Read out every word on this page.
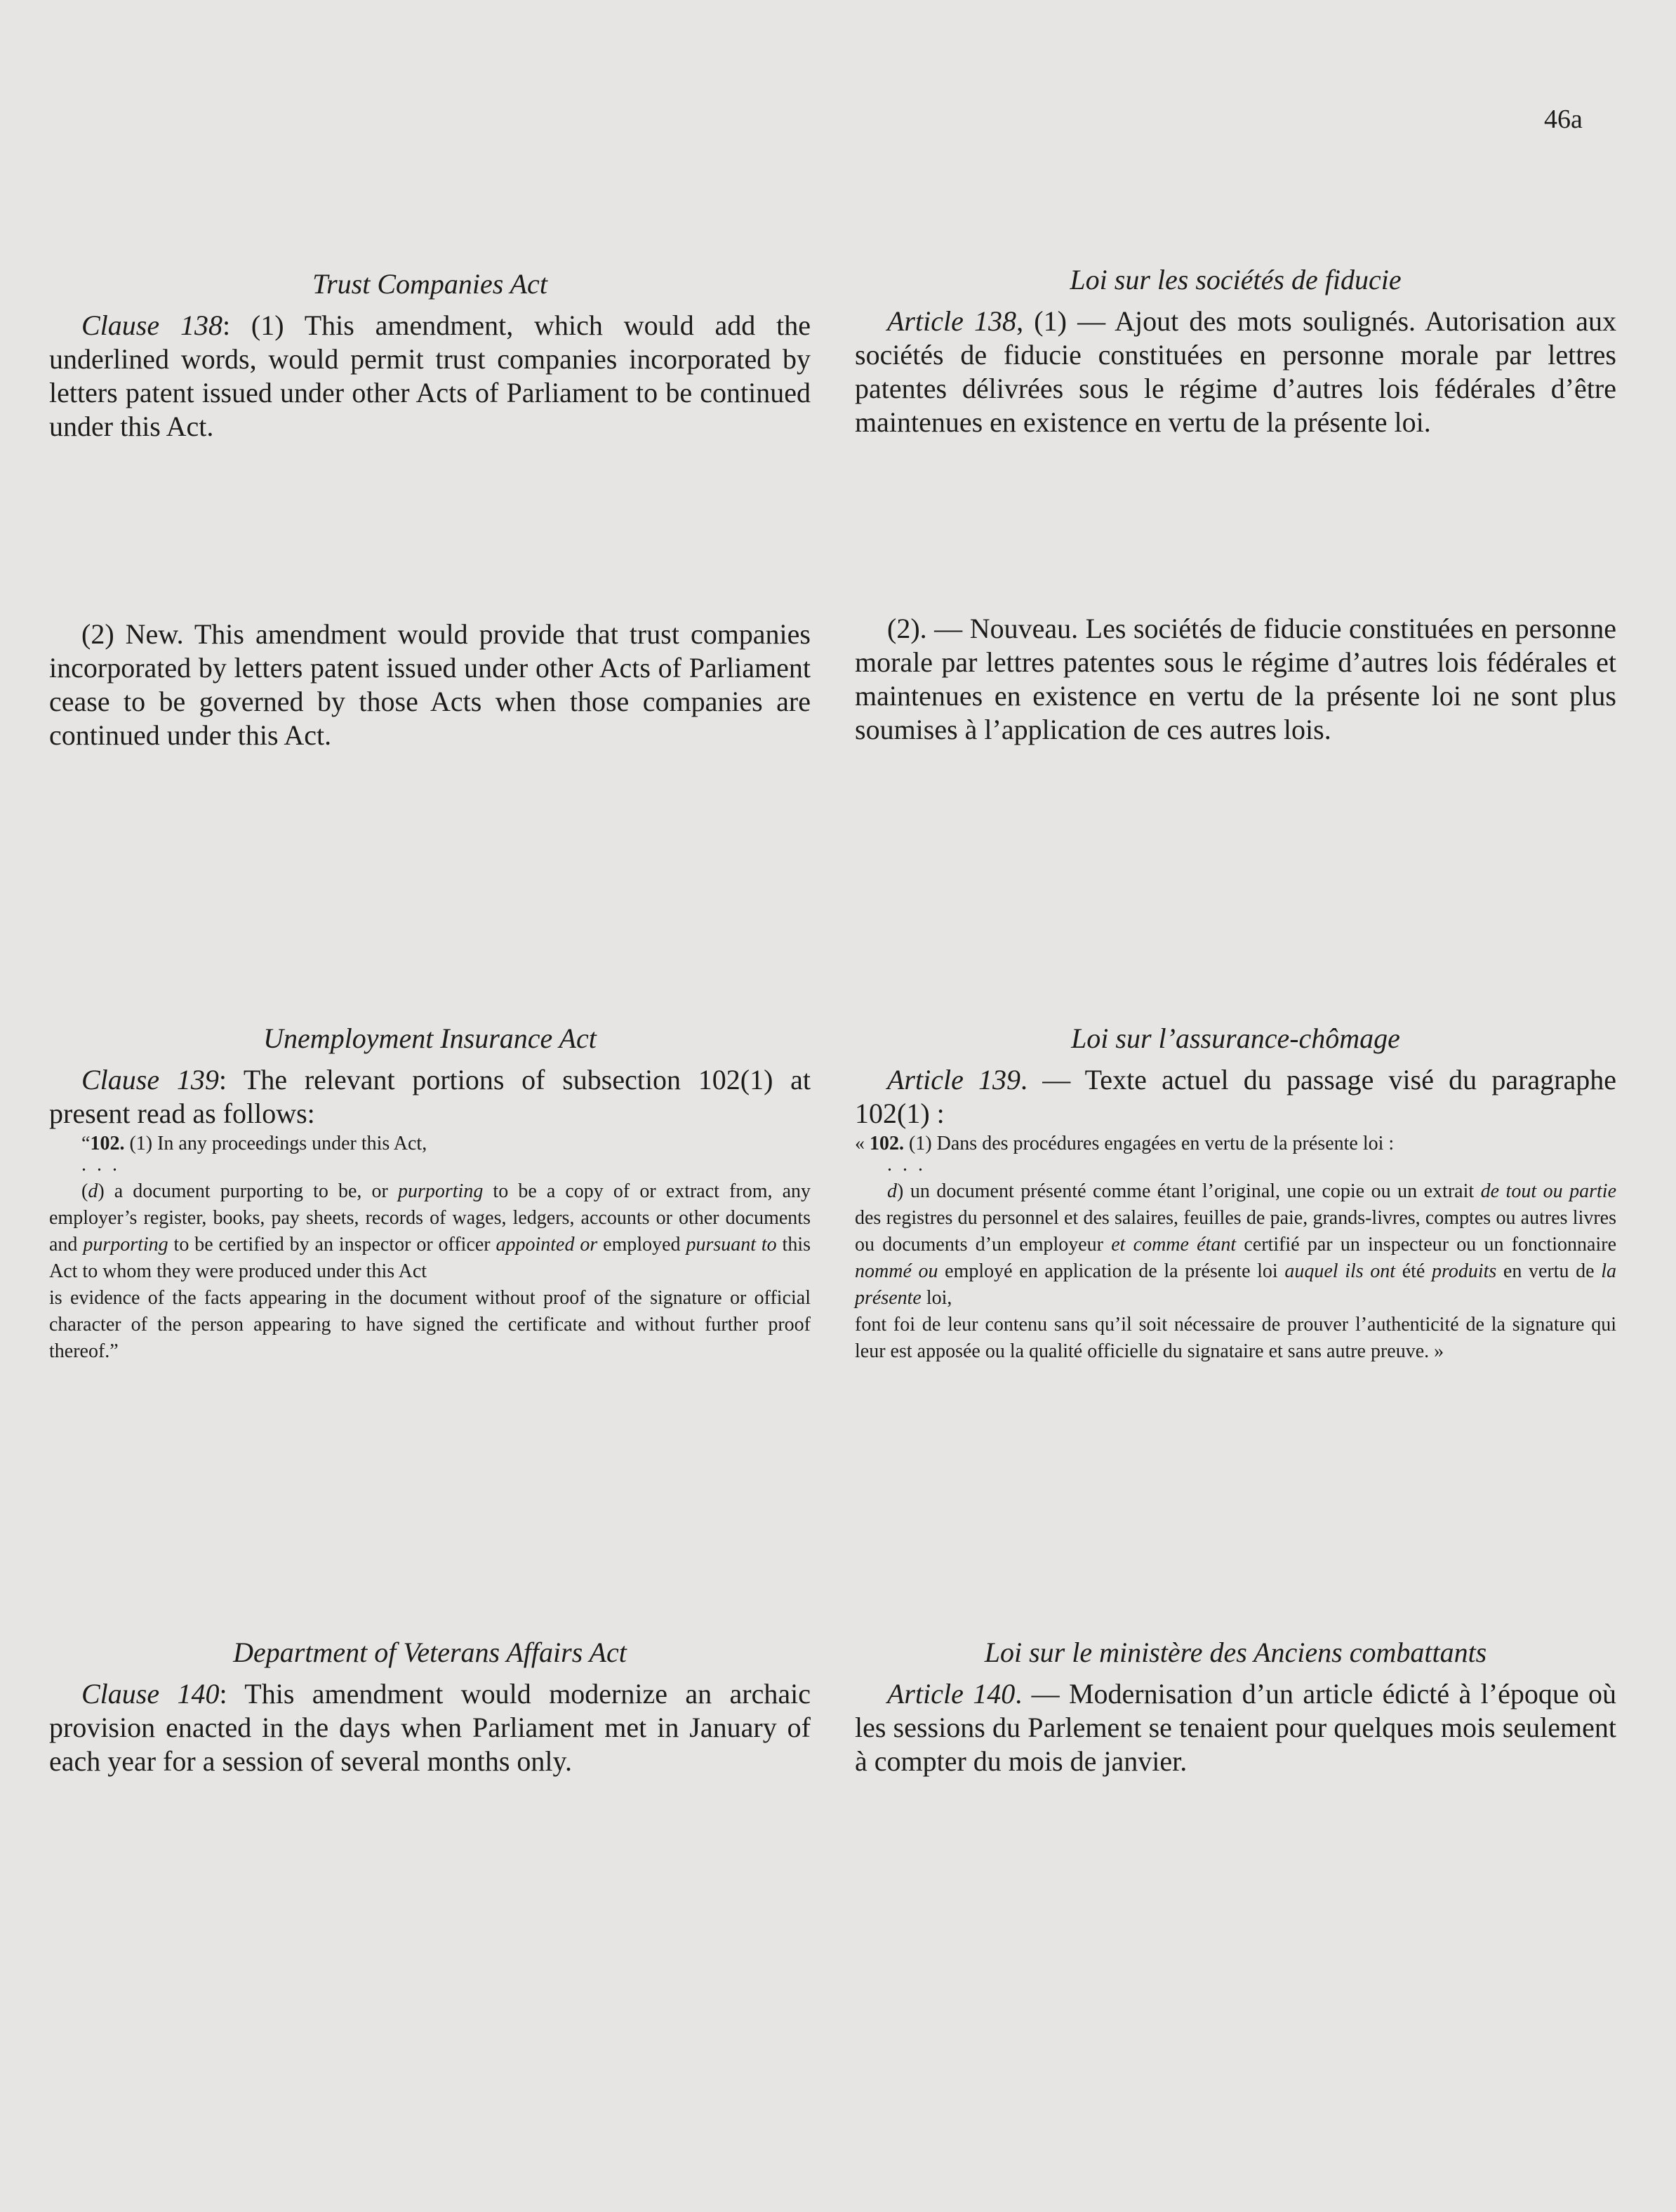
46a
Trust Companies Act

Clause 138: (1) This amendment, which would add the underlined words, would permit trust companies incorporated by letters patent issued under other Acts of Parliament to be continued under this Act.

(2) New. This amendment would provide that trust companies incorporated by letters patent issued under other Acts of Parliament cease to be governed by those Acts when those companies are continued under this Act.

Unemployment Insurance Act

Clause 139: The relevant portions of subsection 102(1) at present read as follows:

“102. (1) In any proceedings under this Act,

. . .

(d) a document purporting to be, or purporting to be a copy of or extract from, any employer’s register, books, pay sheets, records of wages, ledgers, accounts or other documents and purporting to be certified by an inspector or officer appointed or employed pursuant to this Act to whom they were produced under this Act

is evidence of the facts appearing in the document without proof of the signature or official character of the person appearing to have signed the certificate and without further proof thereof.”

Department of Veterans Affairs Act

Clause 140: This amendment would modernize an archaic provision enacted in the days when Parliament met in January of each year for a session of several months only.

Loi sur les sociétés de fiducie

Article 138, (1) — Ajout des mots soulignés. Autorisation aux sociétés de fiducie constituées en personne morale par lettres patentes délivrées sous le régime d’autres lois fédérales d’être maintenues en existence en vertu de la présente loi.

(2). — Nouveau. Les sociétés de fiducie constituées en personne morale par lettres patentes sous le régime d’autres lois fédérales et maintenues en existence en vertu de la présente loi ne sont plus soumises à l’application de ces autres lois.

Loi sur l’assurance-chômage

Article 139. — Texte actuel du passage visé du paragraphe 102(1) :

« 102. (1) Dans des procédures engagées en vertu de la présente loi :

. . .

d) un document présenté comme étant l’original, une copie ou un extrait de tout ou partie des registres du personnel et des salaires, feuilles de paie, grands-livres, comptes ou autres livres ou documents d’un employeur et comme étant certifié par un inspecteur ou un fonctionnaire nommé ou employé en application de la présente loi auquel ils ont été produits en vertu de la présente loi,

font foi de leur contenu sans qu’il soit nécessaire de prouver l’authenticité de la signature qui leur est apposée ou la qualité officielle du signataire et sans autre preuve. »

Loi sur le ministère des Anciens combattants

Article 140. — Modernisation d’un article édicté à l’époque où les sessions du Parlement se tenaient pour quelques mois seulement à compter du mois de janvier.
